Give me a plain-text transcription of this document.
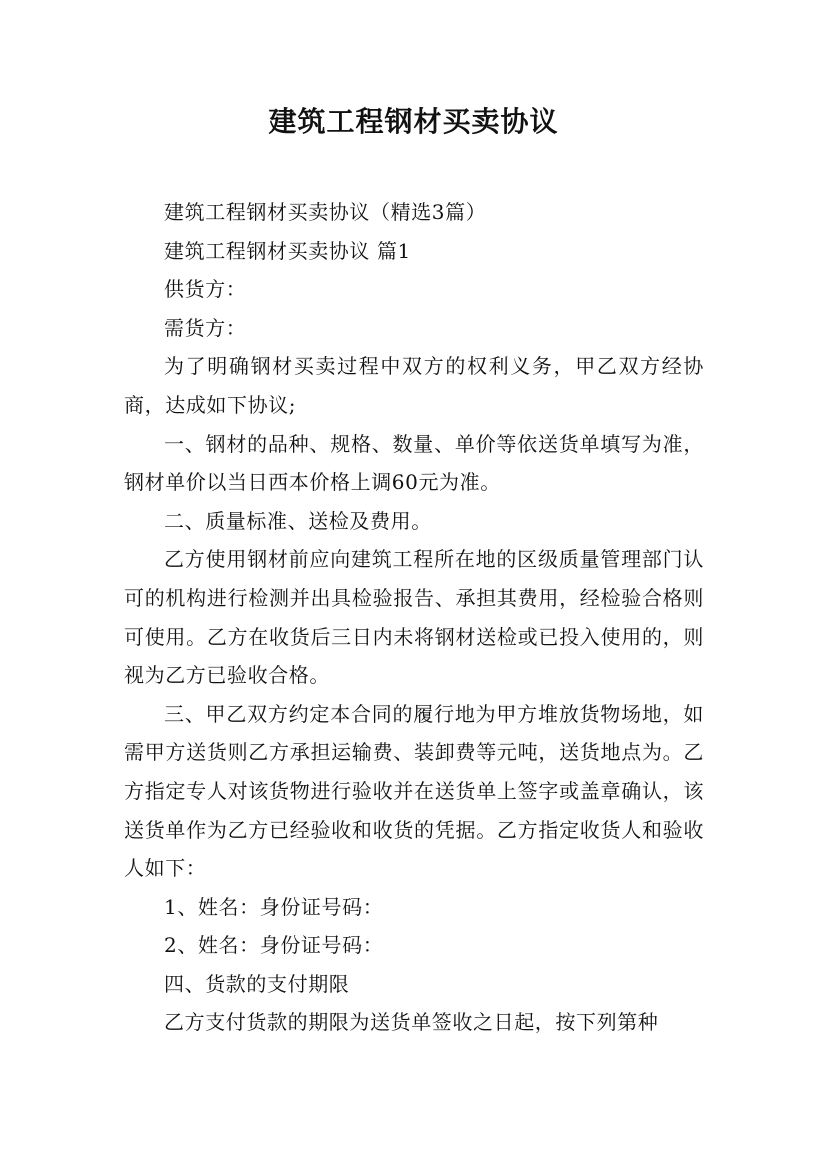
建筑工程钢材买卖协议

建筑工程钢材买卖协议（精选3篇）

建筑工程钢材买卖协议 篇1

供货方：

需货方：

为了明确钢材买卖过程中双方的权利义务，甲乙双方经协商，达成如下协议;

一、钢材的品种、规格、数量、单价等依送货单填写为准，钢材单价以当日西本价格上调60元为准。

二、质量标准、送检及费用。

乙方使用钢材前应向建筑工程所在地的区级质量管理部门认可的机构进行检测并出具检验报告、承担其费用，经检验合格则可使用。乙方在收货后三日内未将钢材送检或已投入使用的，则视为乙方已验收合格。

三、甲乙双方约定本合同的履行地为甲方堆放货物场地，如需甲方送货则乙方承担运输费、装卸费等元吨，送货地点为。乙方指定专人对该货物进行验收并在送货单上签字或盖章确认，该送货单作为乙方已经验收和收货的凭据。乙方指定收货人和验收人如下：

1、姓名：身份证号码：

2、姓名：身份证号码：

四、货款的支付期限

乙方支付货款的期限为送货单签收之日起，按下列第种
